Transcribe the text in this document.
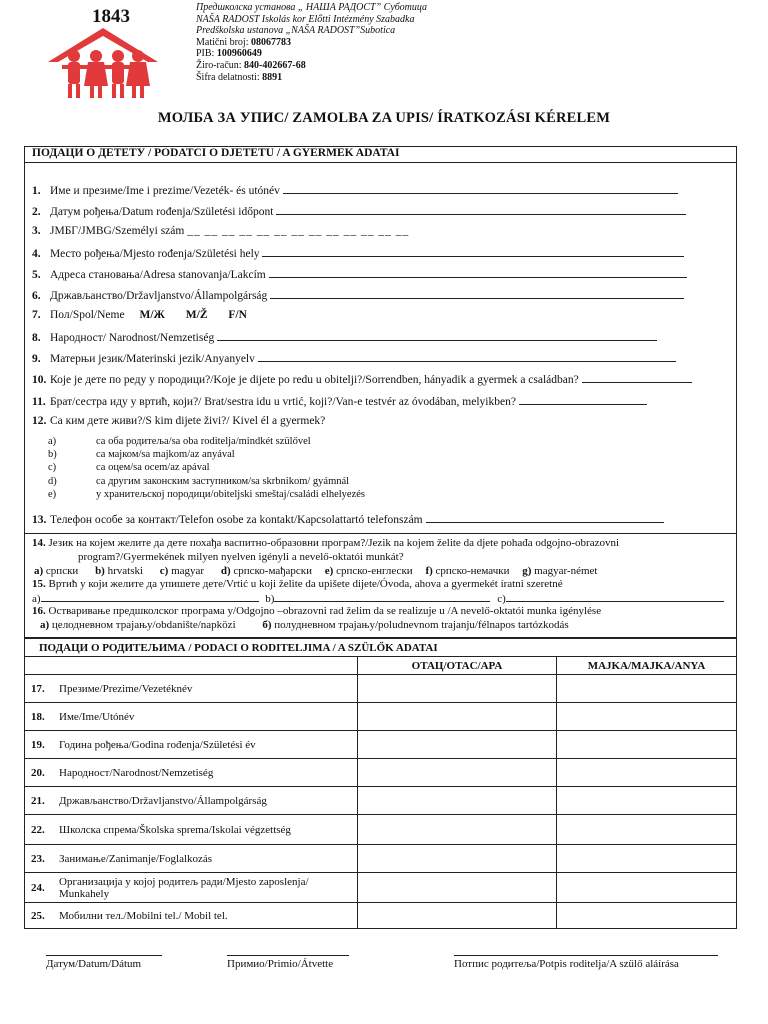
1843	Предшколска установа „ НАША РАДОСТ” Суботица
NAŠA RADOST Iskolás kor Előtti Intézmény Szabadka
Predškolska ustanova „NAŠA RADOST”Subotica
Matični broj: 08067783
PIB: 100960649
Žiro-račun: 840-402667-68
Šifra delatnosti: 8891
МОЛБА ЗА УПИС/ ZAMOLBA ZA UPIS/ ÍRATKOZÁSI KÉRELEM
ПОДАЦИ О ДЕТЕТУ / PODATCI O DJETETU / A GYERMEK ADATAI
1. Име и презиме/Ime i prezime/Vezeték- és utónév
2. Датум рођења/Datum rođenja/Születési időpont
3. ЈМБГ/JMBG/Személyi szám __ __ __ __ __ __ __ __ __ __ __ __ __
4. Место рођења/Mjesto rođenja/Születési hely
5. Адреса становања/Adresa stanovanja/Lakcím
6. Држављанство/Državljanstvo/Állampolgárság
7. Пол/Spol/Neme М/Ж M/Ž F/N
8. Народност/ Narodnost/Nemzetiség
9. Матерњи језик/Materinski jezik/Anyanyelv
10. Које је дете по реду у породици?/Koje je dijete po redu u obitelji?/Sorrendben, hányadik a gyermek a családban?
11. Брат/сестра иду у вртић, који?/ Brat/sestra idu u vrtić, koji?/Van-e testvér az óvodában, melyikben?
12. Са ким дете живи?/S kim dijete živi?/ Kivel él a gyermek?
a)	са оба родитеља/sa oba roditelja/mindkét szülővel
b)	са мајком/sa majkom/az anyával
c)	са оцем/sa ocem/az apával
d)	са другим законским заступником/sa skrbnikom/ gyámnál
e)	у хранитељској породици/obiteljski smeštaj/családi elhelyezés
13. Телефон особе за контакт/Telefon osobe za kontakt/Kapcsolattartó telefonszám
14. Језик на којем желите да дете похађа васпитно-образовни програм?/Jezik na kojem želite da djete pohađa odgojno-obrazovni
program?/Gyermekének milyen nyelven igényli a nevelő-oktatói munkát?
a) српски b) hrvatski c) magyar d) српско-мађарски e) српско-енглески f) српско-немачки g) magyar-német
15. Вртић у који желите да упишете дете/Vrtić u koji želite da upišete dijete/Óvoda, ahova a gyermekét íratni szeretné
a)	b)	c)
16. Остваривање предшколског програма у/Odgojno –obrazovni rad želim da se realizuje u /A nevelő-oktatói munka igénylése
a) целодневном трајању/obdanište/napközi б) полудневном трајању/poludnevnom trajanju/félnapos tartózkodás
ПОДАЦИ О РОДИТЕЉИМА / PODACI O RODITELJIMA / A SZÜLŐK ADATAI			
		ОТАЦ/OTAC/APA	MAJKA/MAJKA/ANYA
17.	Презиме/Prezime/Vezetéknév		
18.	Име/Ime/Utónév		
19.	Година рођења/Godina rođenja/Születési év		
20.	Народност/Narodnost/Nemzetiség		
21.	Држављанство/Državljanstvo/Állampolgárság		
22.	Школска спрема/Školska sprema/Iskolai végzettség		
23.	Занимање/Zanimanje/Foglalkozás		
24.	Организација у којој родитељ ради/Mjesto zaposlenja/ Munkahely		
25.	Мобилни тел./Mobilni tel./ Mobil tel.		
Датум/Datum/Dátum	Примио/Primio/Átvette	Потпис родитеља/Potpis roditelja/A szülő aláírása
